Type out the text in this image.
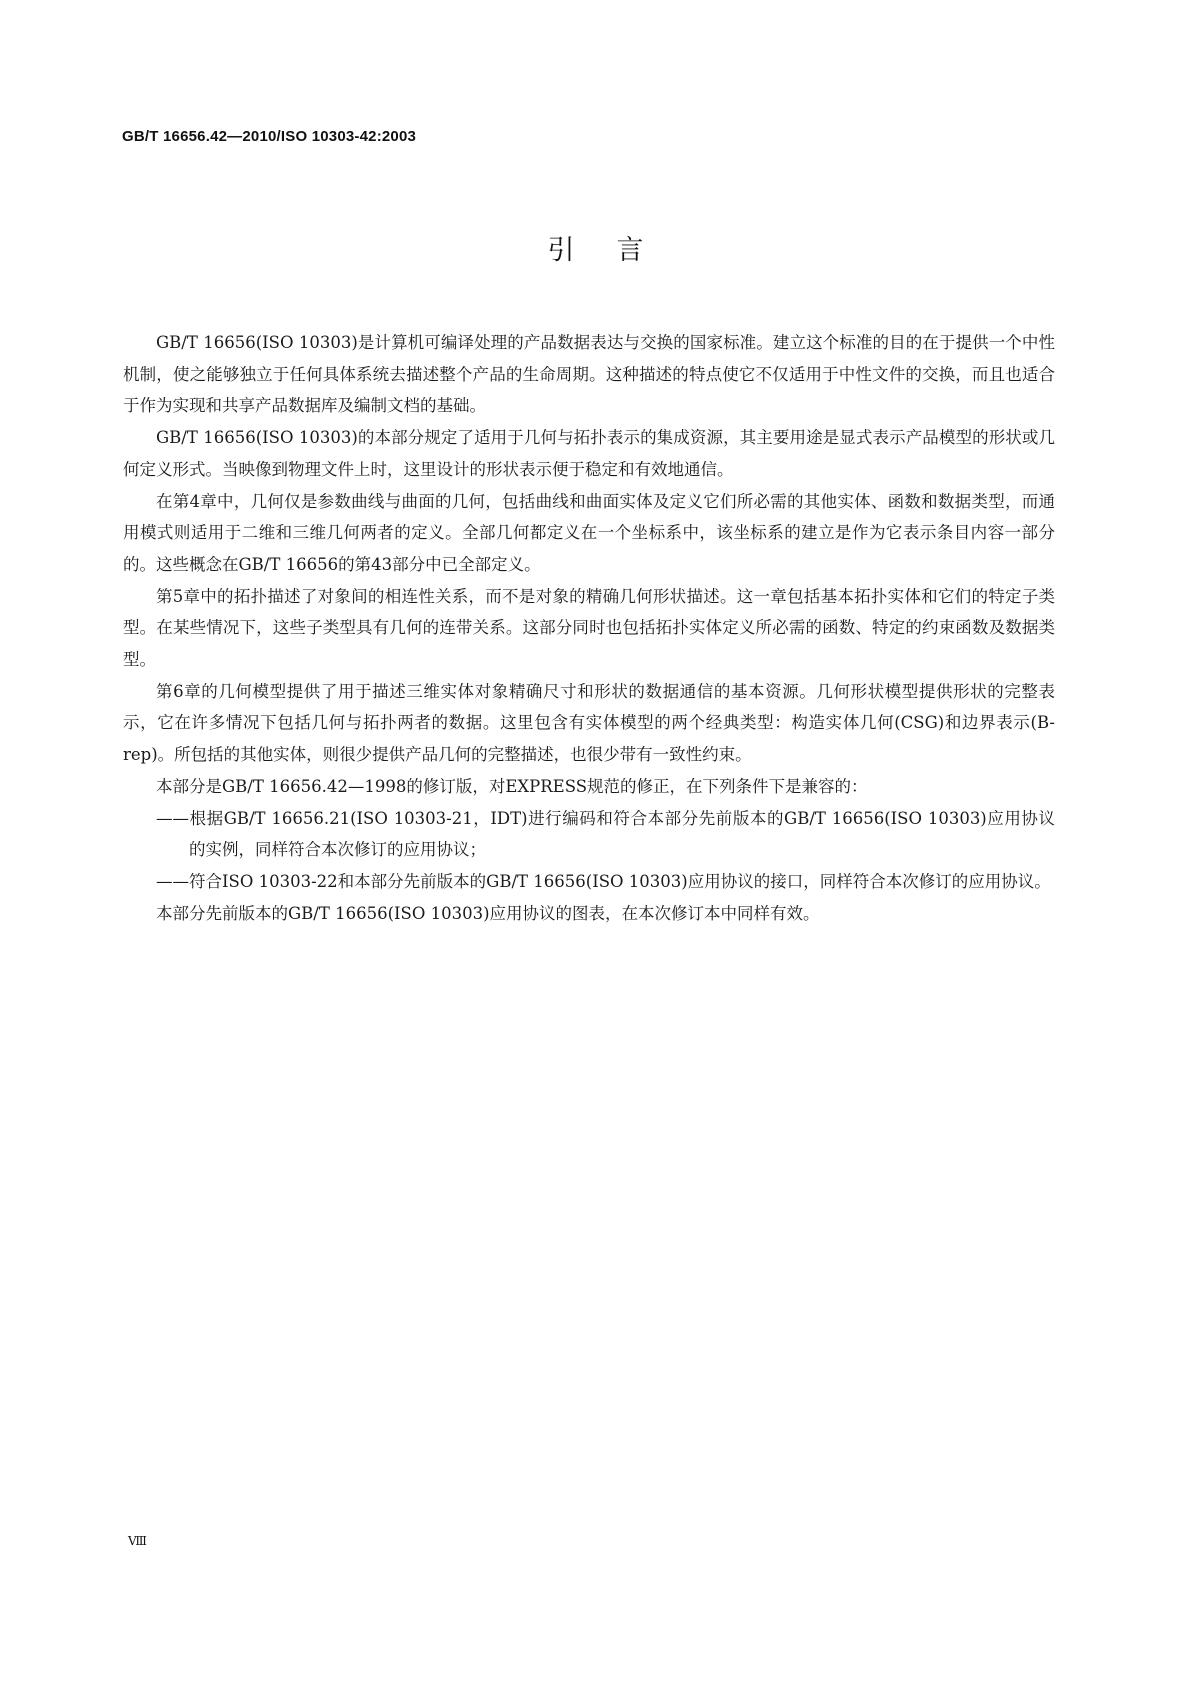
GB/T 16656.42—2010/ISO 10303-42:2003
引言

GB/T 16656(ISO 10303)是计算机可编译处理的产品数据表达与交换的国家标准。建立这个标准的目的在于提供一个中性机制，使之能够独立于任何具体系统去描述整个产品的生命周期。这种描述的特点使它不仅适用于中性文件的交换，而且也适合于作为实现和共享产品数据库及编制文档的基础。

GB/T 16656(ISO 10303)的本部分规定了适用于几何与拓扑表示的集成资源，其主要用途是显式表示产品模型的形状或几何定义形式。当映像到物理文件上时，这里设计的形状表示便于稳定和有效地通信。

在第4章中，几何仅是参数曲线与曲面的几何，包括曲线和曲面实体及定义它们所必需的其他实体、函数和数据类型，而通用模式则适用于二维和三维几何两者的定义。全部几何都定义在一个坐标系中，该坐标系的建立是作为它表示条目内容一部分的。这些概念在GB/T 16656的第43部分中已全部定义。

第5章中的拓扑描述了对象间的相连性关系，而不是对象的精确几何形状描述。这一章包括基本拓扑实体和它们的特定子类型。在某些情况下，这些子类型具有几何的连带关系。这部分同时也包括拓扑实体定义所必需的函数、特定的约束函数及数据类型。

第6章的几何模型提供了用于描述三维实体对象精确尺寸和形状的数据通信的基本资源。几何形状模型提供形状的完整表示，它在许多情况下包括几何与拓扑两者的数据。这里包含有实体模型的两个经典类型：构造实体几何(CSG)和边界表示(B-rep)。所包括的其他实体，则很少提供产品几何的完整描述，也很少带有一致性约束。

本部分是GB/T 16656.42—1998的修订版，对EXPRESS规范的修正，在下列条件下是兼容的：

——根据GB/T 16656.21(ISO 10303-21，IDT)进行编码和符合本部分先前版本的GB/T 16656(ISO 10303)应用协议的实例，同样符合本次修订的应用协议；

——符合ISO 10303-22和本部分先前版本的GB/T 16656(ISO 10303)应用协议的接口，同样符合本次修订的应用协议。

本部分先前版本的GB/T 16656(ISO 10303)应用协议的图表，在本次修订本中同样有效。

Ⅷ
